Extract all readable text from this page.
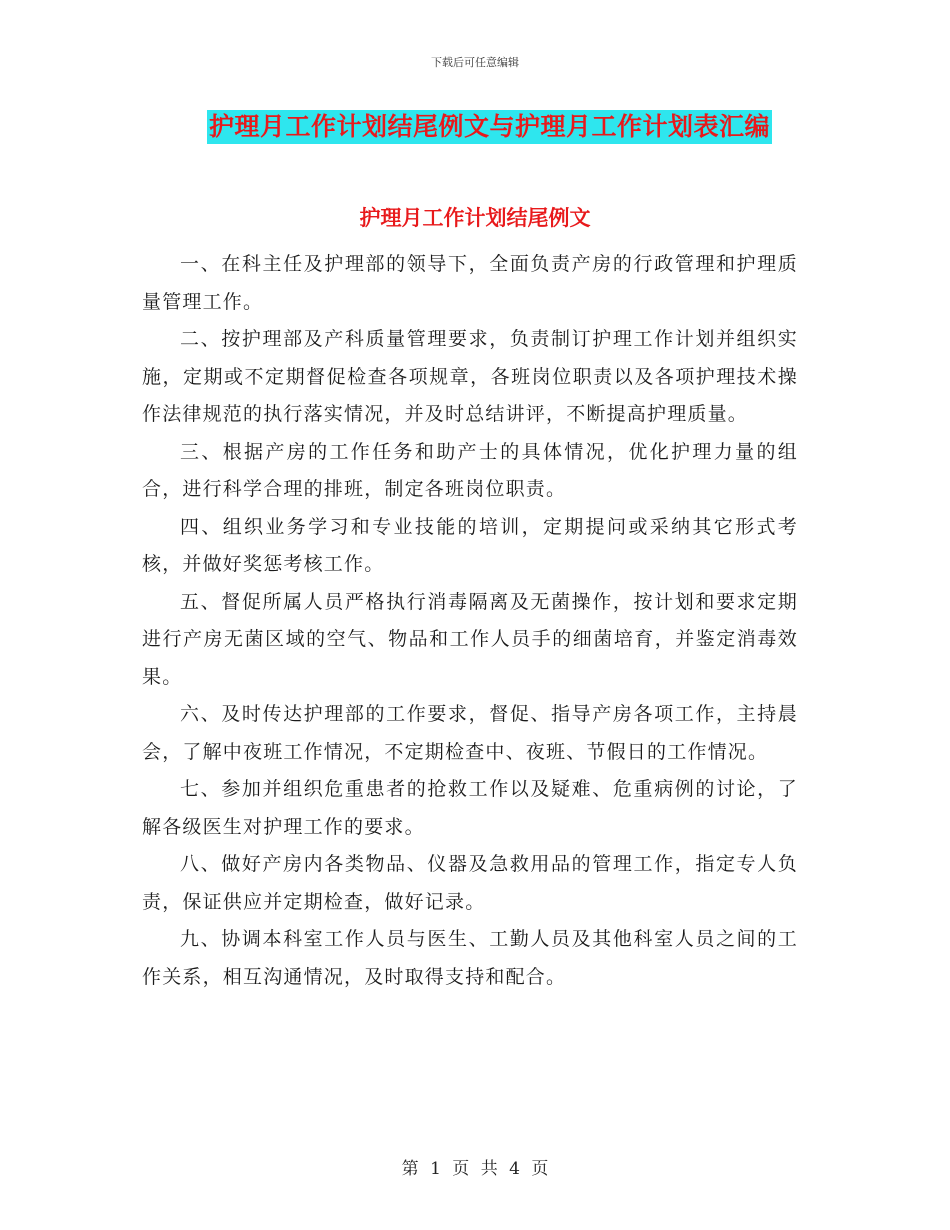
下载后可任意编辑
护理月工作计划结尾例文与护理月工作计划表汇编
护理月工作计划结尾例文

一、在科主任及护理部的领导下，全面负责产房的行政管理和护理质量管理工作。

二、按护理部及产科质量管理要求，负责制订护理工作计划并组织实施，定期或不定期督促检查各项规章，各班岗位职责以及各项护理技术操作法律规范的执行落实情况，并及时总结讲评，不断提高护理质量。

三、根据产房的工作任务和助产士的具体情况，优化护理力量的组合，进行科学合理的排班，制定各班岗位职责。

四、组织业务学习和专业技能的培训，定期提问或采纳其它形式考核，并做好奖惩考核工作。

五、督促所属人员严格执行消毒隔离及无菌操作，按计划和要求定期进行产房无菌区域的空气、物品和工作人员手的细菌培育，并鉴定消毒效果。

六、及时传达护理部的工作要求，督促、指导产房各项工作，主持晨会，了解中夜班工作情况，不定期检查中、夜班、节假日的工作情况。

七、参加并组织危重患者的抢救工作以及疑难、危重病例的讨论，了解各级医生对护理工作的要求。

八、做好产房内各类物品、仪器及急救用品的管理工作，指定专人负责，保证供应并定期检查，做好记录。

九、协调本科室工作人员与医生、工勤人员及其他科室人员之间的工作关系，相互沟通情况，及时取得支持和配合。

第 1 页 共 4 页
